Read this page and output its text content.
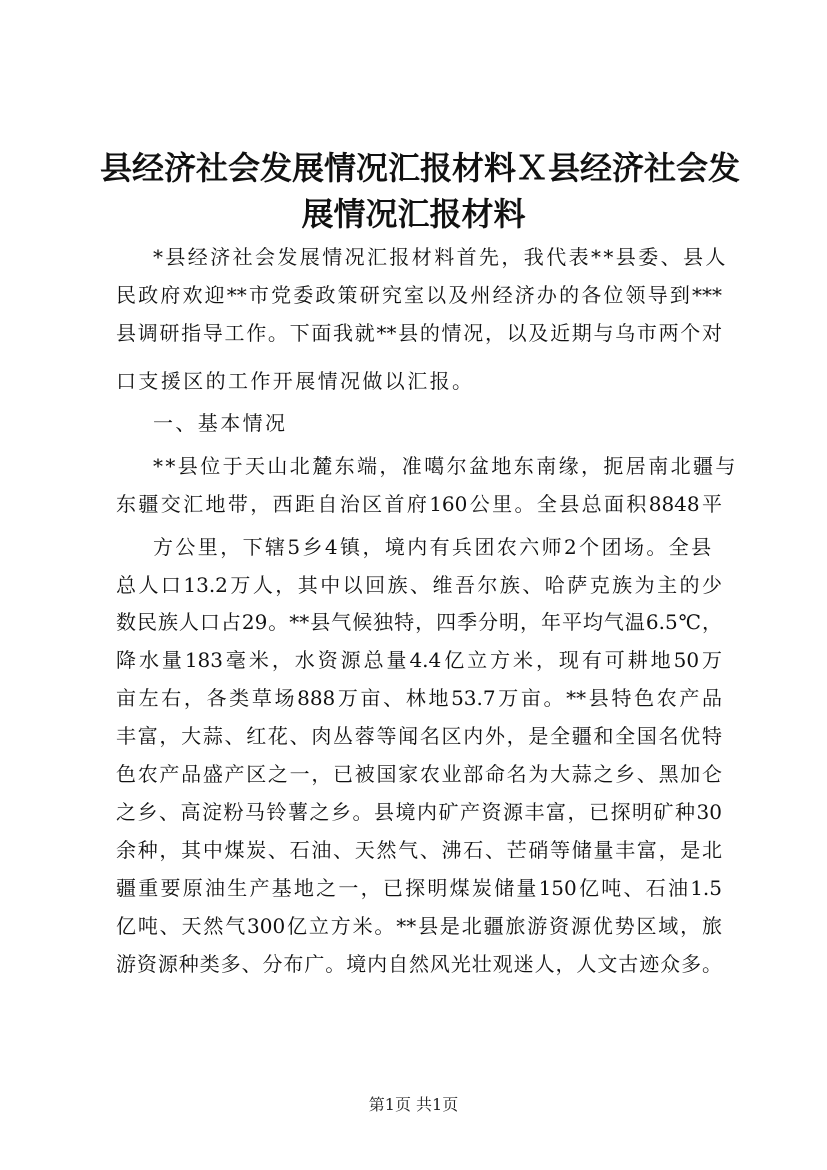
县经济社会发展情况汇报材料Ｘ县经济社会发
展情况汇报材料
*县经济社会发展情况汇报材料首先，我代表**县委、县人
民政府欢迎**市党委政策研究室以及州经济办的各位领导到***
县调研指导工作。下面我就**县的情况，以及近期与乌市两个对
口支援区的工作开展情况做以汇报。
一、基本情况
**县位于天山北麓东端，准噶尔盆地东南缘，扼居南北疆与
东疆交汇地带，西距自治区首府160公里。全县总面积8848平
方公里，下辖5乡4镇，境内有兵团农六师2个团场。全县
总人口13.2万人，其中以回族、维吾尔族、哈萨克族为主的少
数民族人口占29。**县气候独特，四季分明，年平均气温6.5℃，
降水量183毫米，水资源总量4.4亿立方米，现有可耕地50万
亩左右，各类草场888万亩、林地53.7万亩。**县特色农产品
丰富，大蒜、红花、肉丛蓉等闻名区内外，是全疆和全国名优特
色农产品盛产区之一，已被国家农业部命名为大蒜之乡、黑加仑
之乡、高淀粉马铃薯之乡。县境内矿产资源丰富，已探明矿种30
余种，其中煤炭、石油、天然气、沸石、芒硝等储量丰富，是北
疆重要原油生产基地之一，已探明煤炭储量150亿吨、石油1.5
亿吨、天然气300亿立方米。**县是北疆旅游资源优势区域，旅
游资源种类多、分布广。境内自然风光壮观迷人，人文古迹众多。
第1页 共1页
